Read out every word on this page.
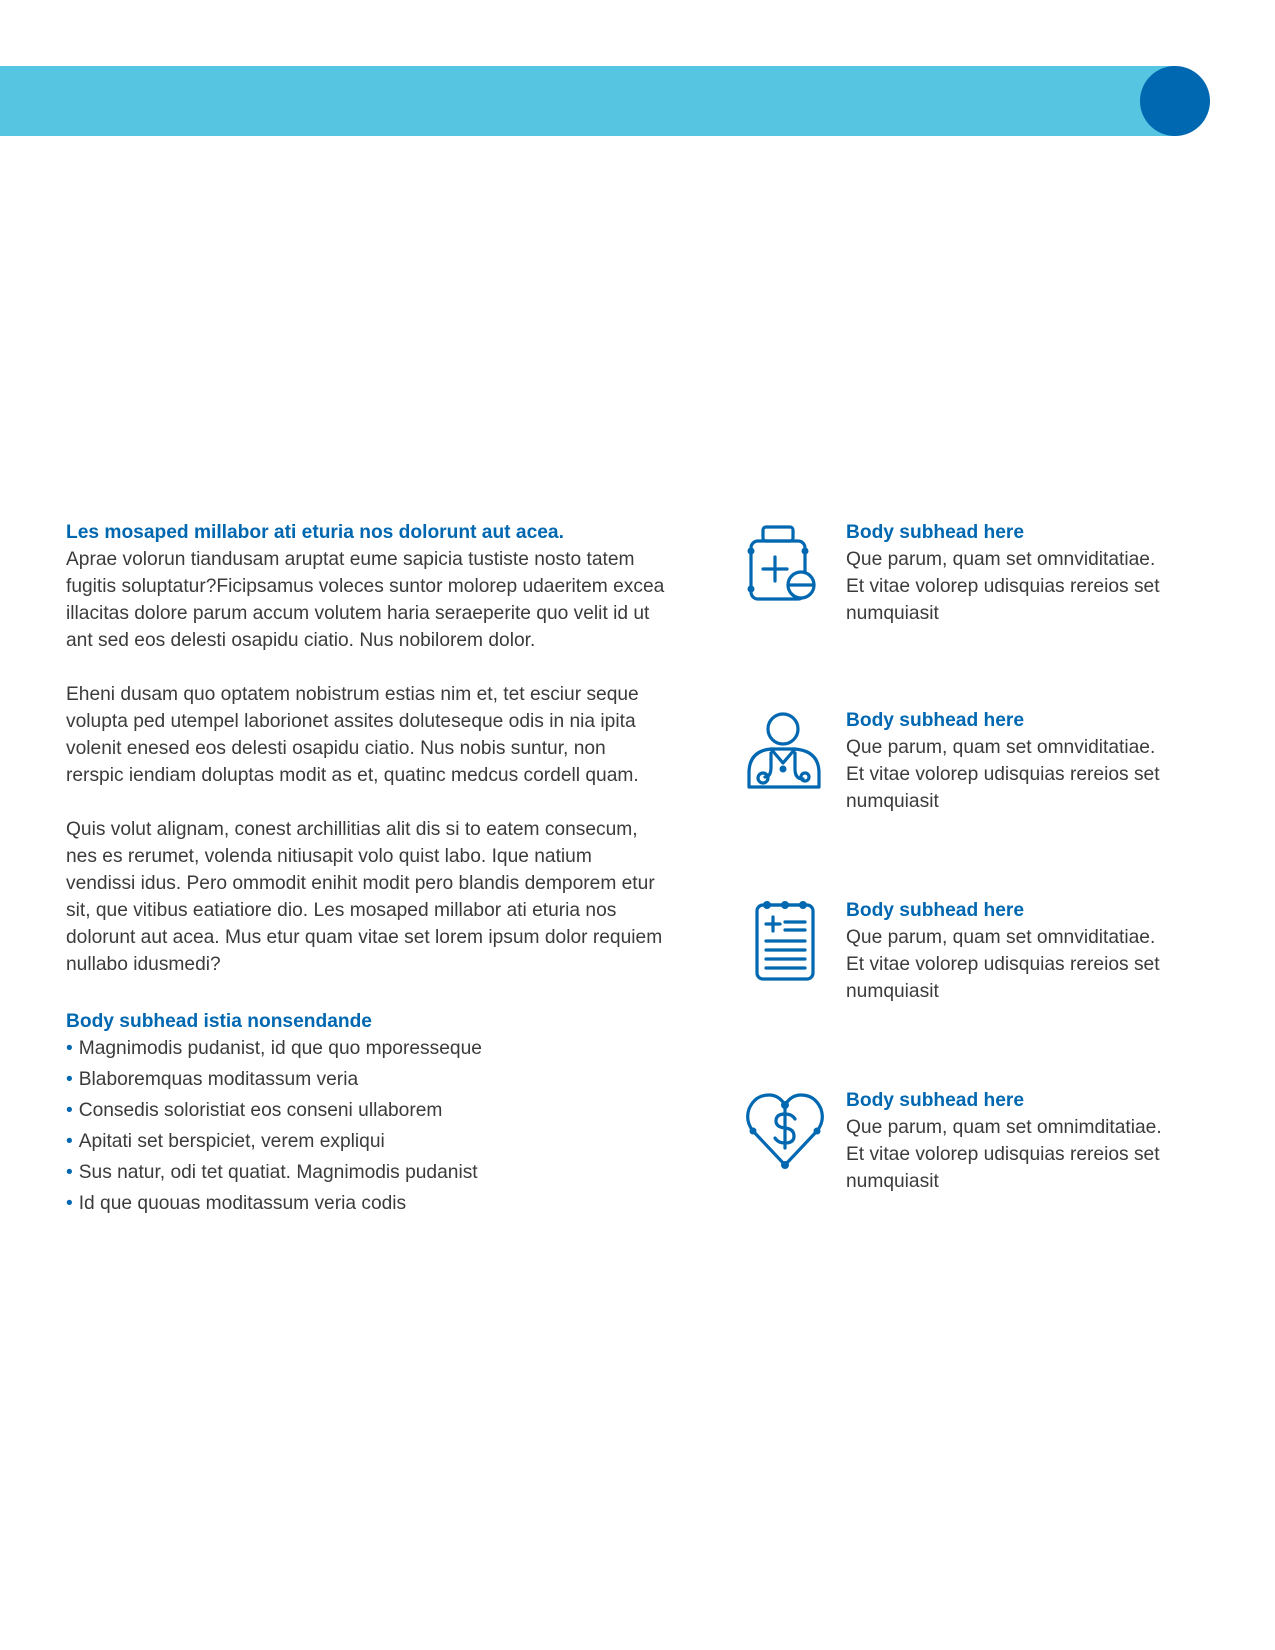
Les mosaped millabor ati eturia nos dolorunt aut acea.

Aprae volorun tiandusam aruptat eume sapicia tustiste nosto tatem fugitis soluptatur?Ficipsamus voleces suntor molorep udaeritem excea illacitas dolore parum accum volutem haria seraeperite quo velit id ut ant sed eos delesti osapidu ciatio. Nus nobilorem dolor.

Eheni dusam quo optatem nobistrum estias nim et, tet esciur seque volupta ped utempel laborionet assites doluteseque odis in nia ipita volenit enesed eos delesti osapidu ciatio. Nus nobis suntur, non rerspic iendiam doluptas modit as et, quatinc medcus cordell quam.

Quis volut alignam, conest archillitias alit dis si to eatem consecum, nes es rerumet, volenda nitiusapit volo quist labo. Ique natium vendissi idus. Pero ommodit enihit modit pero blandis demporem etur sit, que vitibus eatiatiore dio. Les mosaped millabor ati eturia nos dolorunt aut acea. Mus etur quam vitae set lorem ipsum dolor requiem nullabo idusmedi?

Body subhead istia nonsendande

• Magnimodis pudanist, id que quo mporesseque
• Blaboremquas moditassum veria
• Consedis soloristiat eos conseni ullaborem
• Apitati set berspiciet, verem expliqui
• Sus natur, odi tet quatiat. Magnimodis pudanist
• Id que quouas moditassum veria codis

Body subhead here

Que parum, quam set omnviditatiae. Et vitae volorep udisquias rereios set numquiasit

Body subhead here

Que parum, quam set omnviditatiae. Et vitae volorep udisquias rereios set numquiasit

Body subhead here

Que parum, quam set omnviditatiae. Et vitae volorep udisquias rereios set numquiasit

Body subhead here

Que parum, quam set omnimditatiae. Et vitae volorep udisquias rereios set numquiasit
